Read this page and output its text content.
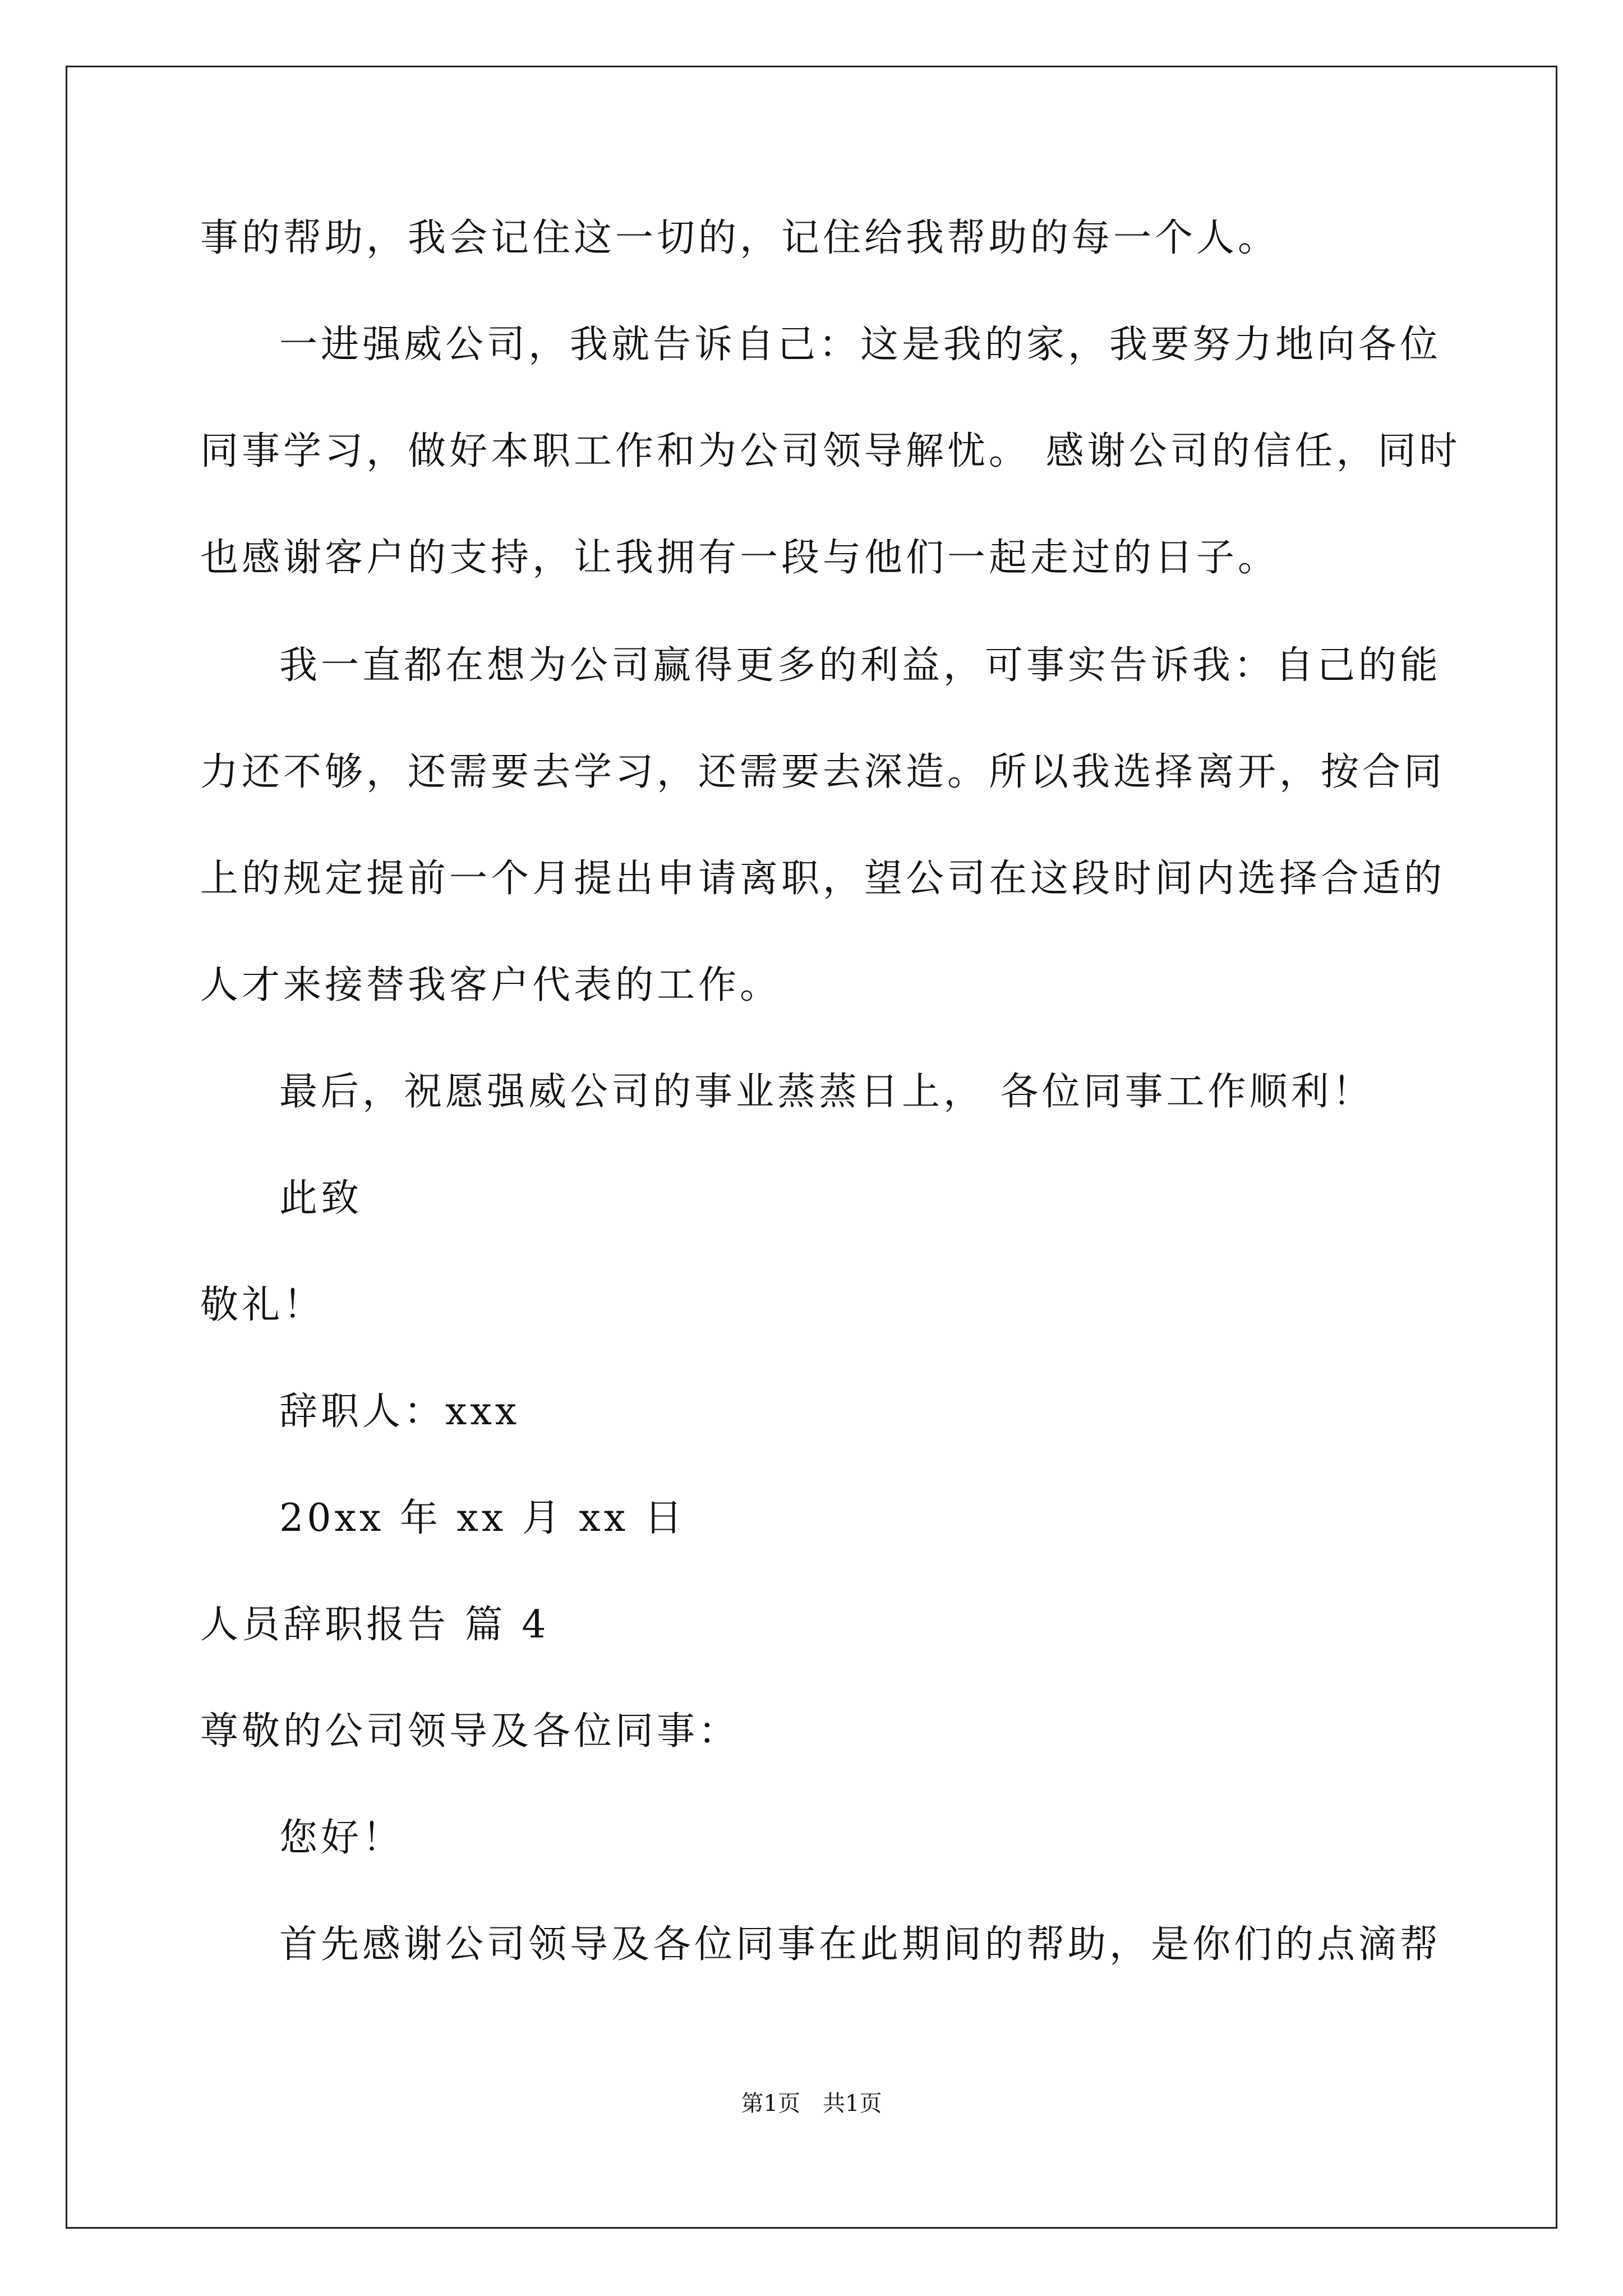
事的帮助，我会记住这一切的，记住给我帮助的每一个人。
一进强威公司，我就告诉自己：这是我的家，我要努力地向各位
同事学习，做好本职工作和为公司领导解忧。 感谢公司的信任，同时
也感谢客户的支持，让我拥有一段与他们一起走过的日子。
我一直都在想为公司赢得更多的利益，可事实告诉我：自己的能
力还不够，还需要去学习，还需要去深造。所以我选择离开，按合同
上的规定提前一个月提出申请离职，望公司在这段时间内选择合适的
人才来接替我客户代表的工作。
最后，祝愿强威公司的事业蒸蒸日上， 各位同事工作顺利！
此致
敬礼！
辞职人：xxx
20xx 年 xx 月 xx 日
人员辞职报告 篇 4
尊敬的公司领导及各位同事：
您好！
首先感谢公司领导及各位同事在此期间的帮助，是你们的点滴帮
第1页　共1页
